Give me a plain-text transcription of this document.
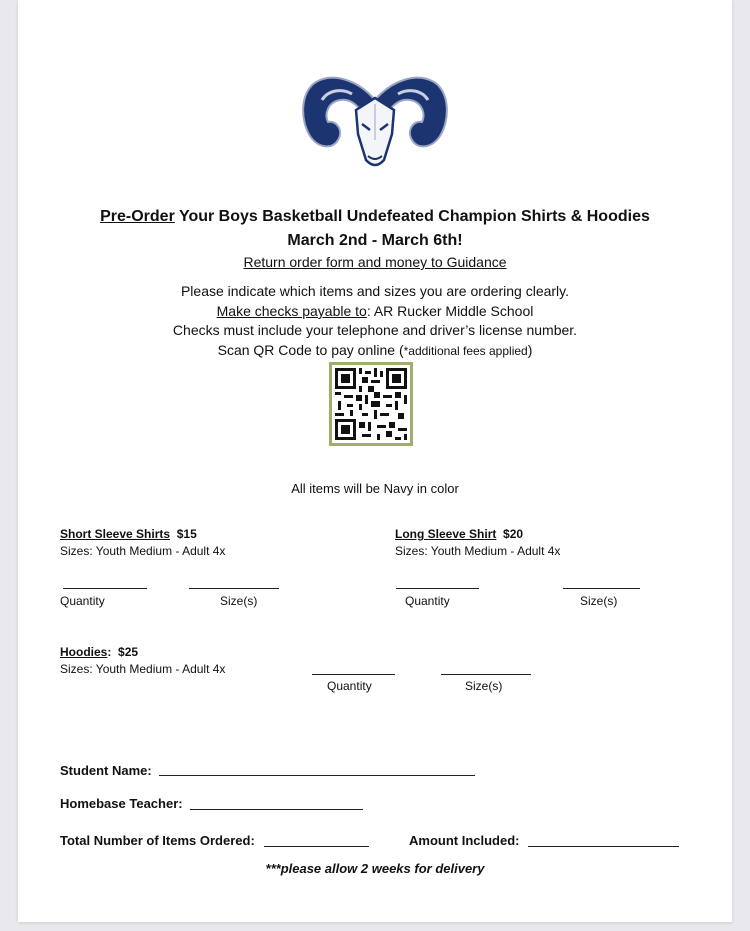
Pre-Order Your Boys Basketball Undefeated Champion Shirts & Hoodies
March 2nd - March 6th!
Return order form and money to Guidance
Please indicate which items and sizes you are ordering clearly.
Make checks payable to: AR Rucker Middle School
Checks must include your telephone and driver’s license number.
Scan QR Code to pay online (*additional fees applied)
All items will be Navy in color
Short Sleeve Shirts $15
Sizes: Youth Medium - Adult 4x
Quantity	Size(s)
Long Sleeve Shirt $20
Sizes: Youth Medium - Adult 4x
Quantity	Size(s)
Hoodies: $25
Sizes: Youth Medium - Adult 4x
Quantity	Size(s)
Student Name:
Homebase Teacher:
Total Number of Items Ordered:	Amount Included:
***please allow 2 weeks for delivery
